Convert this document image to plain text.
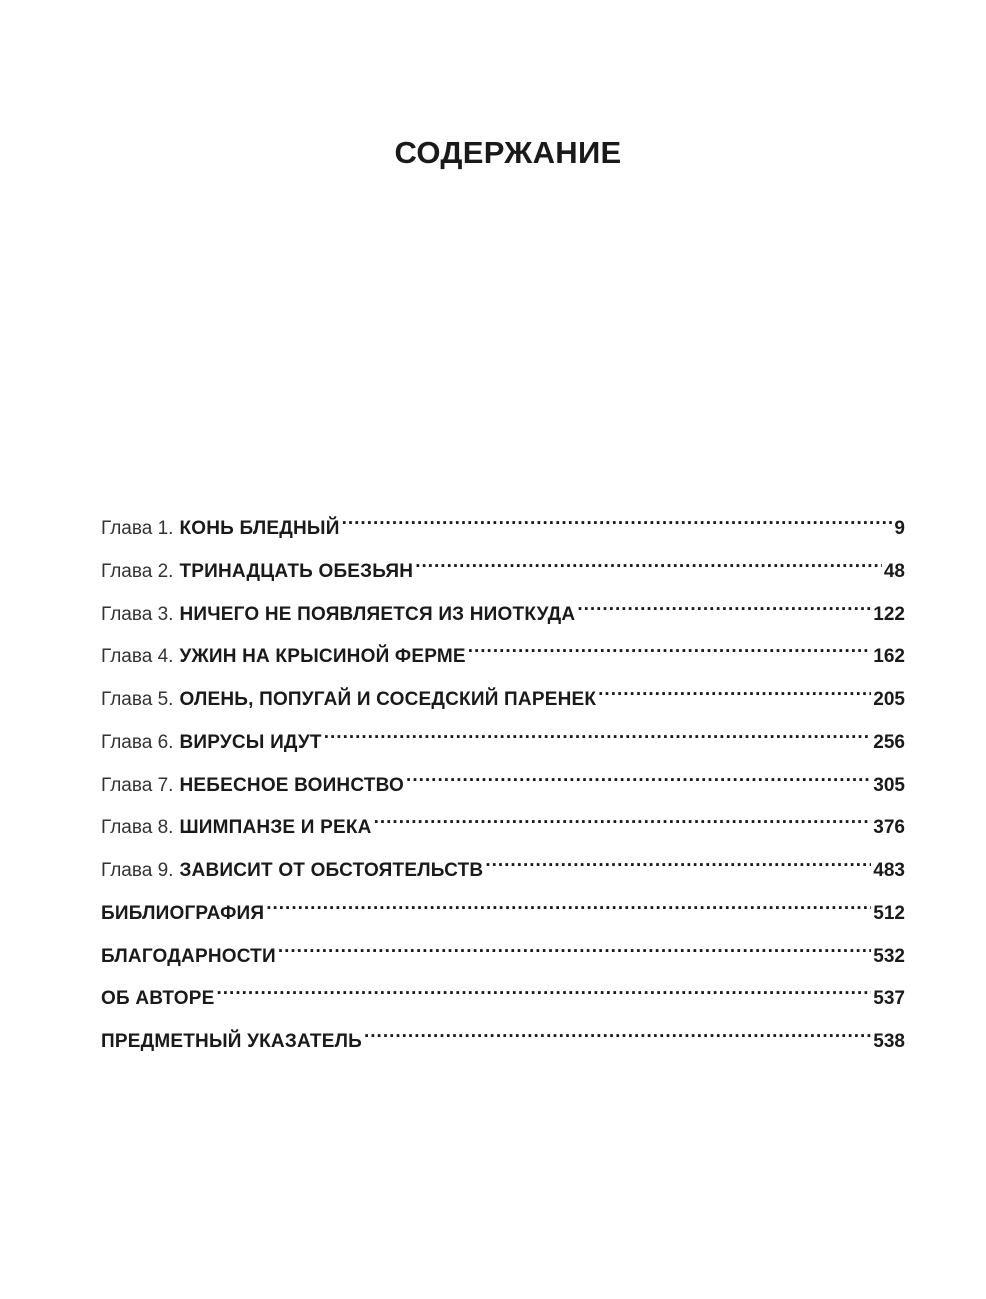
СОДЕРЖАНИЕ
Глава 1. КОНЬ БЛЕДНЫЙ .....	9
Глава 2. ТРИНАДЦАТЬ ОБЕЗЬЯН .....	48
Глава 3. НИЧЕГО НЕ ПОЯВЛЯЕТСЯ ИЗ НИОТКУДА .....	122
Глава 4. УЖИН НА КРЫСИНОЙ ФЕРМЕ .....	162
Глава 5. ОЛЕНЬ, ПОПУГАЙ И СОСЕДСКИЙ ПАРЕНЕК .....	205
Глава 6. ВИРУСЫ ИДУТ .....	256
Глава 7. НЕБЕСНОЕ ВОИНСТВО .....	305
Глава 8. ШИМПАНЗЕ И РЕКА .....	376
Глава 9. ЗАВИСИТ ОТ ОБСТОЯТЕЛЬСТВ .....	483
БИБЛИОГРАФИЯ .....	512
БЛАГОДАРНОСТИ .....	532
ОБ АВТОРЕ .....	537
ПРЕДМЕТНЫЙ УКАЗАТЕЛЬ .....	538
